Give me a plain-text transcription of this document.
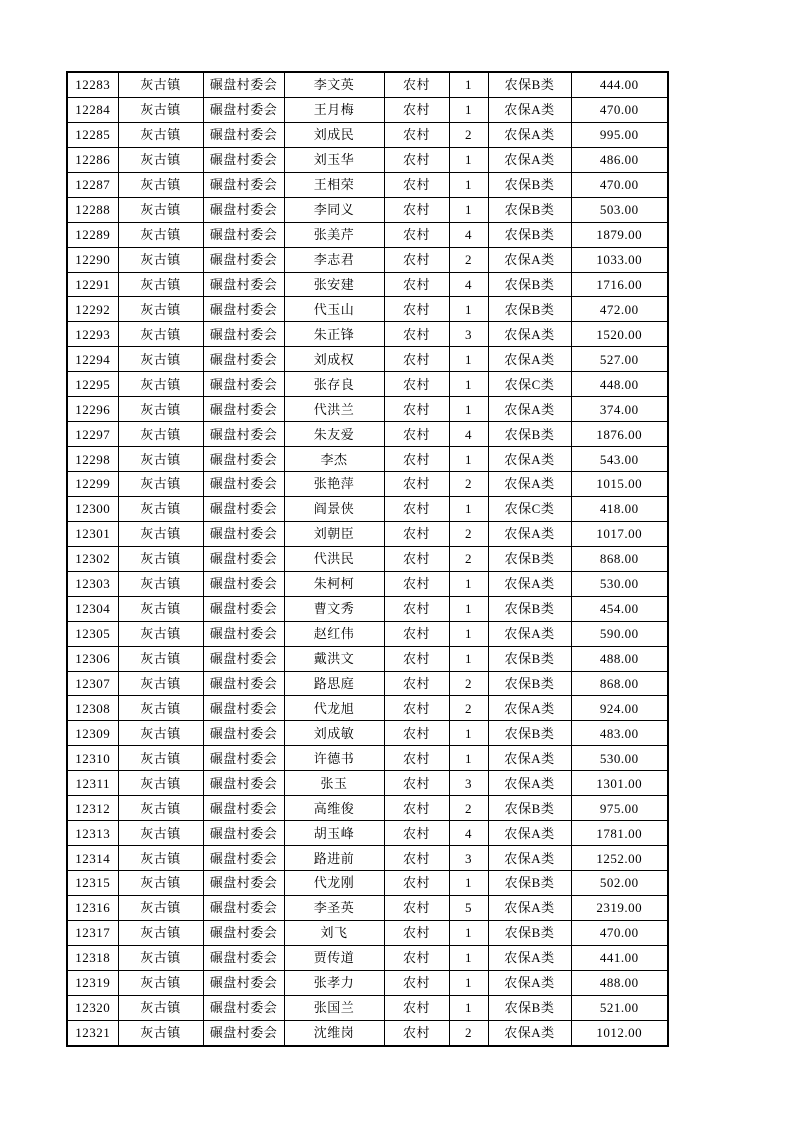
12283	灰古镇	碾盘村委会	李文英	农村	1	农保B类	444.00
12284	灰古镇	碾盘村委会	王月梅	农村	1	农保A类	470.00
12285	灰古镇	碾盘村委会	刘成民	农村	2	农保A类	995.00
12286	灰古镇	碾盘村委会	刘玉华	农村	1	农保A类	486.00
12287	灰古镇	碾盘村委会	王相荣	农村	1	农保B类	470.00
12288	灰古镇	碾盘村委会	李同义	农村	1	农保B类	503.00
12289	灰古镇	碾盘村委会	张美芹	农村	4	农保B类	1879.00
12290	灰古镇	碾盘村委会	李志君	农村	2	农保A类	1033.00
12291	灰古镇	碾盘村委会	张安建	农村	4	农保B类	1716.00
12292	灰古镇	碾盘村委会	代玉山	农村	1	农保B类	472.00
12293	灰古镇	碾盘村委会	朱正锋	农村	3	农保A类	1520.00
12294	灰古镇	碾盘村委会	刘成权	农村	1	农保A类	527.00
12295	灰古镇	碾盘村委会	张存良	农村	1	农保C类	448.00
12296	灰古镇	碾盘村委会	代洪兰	农村	1	农保A类	374.00
12297	灰古镇	碾盘村委会	朱友爱	农村	4	农保B类	1876.00
12298	灰古镇	碾盘村委会	李杰	农村	1	农保A类	543.00
12299	灰古镇	碾盘村委会	张艳萍	农村	2	农保A类	1015.00
12300	灰古镇	碾盘村委会	阎景侠	农村	1	农保C类	418.00
12301	灰古镇	碾盘村委会	刘朝臣	农村	2	农保A类	1017.00
12302	灰古镇	碾盘村委会	代洪民	农村	2	农保B类	868.00
12303	灰古镇	碾盘村委会	朱柯柯	农村	1	农保A类	530.00
12304	灰古镇	碾盘村委会	曹文秀	农村	1	农保B类	454.00
12305	灰古镇	碾盘村委会	赵红伟	农村	1	农保A类	590.00
12306	灰古镇	碾盘村委会	戴洪文	农村	1	农保B类	488.00
12307	灰古镇	碾盘村委会	路思庭	农村	2	农保B类	868.00
12308	灰古镇	碾盘村委会	代龙旭	农村	2	农保A类	924.00
12309	灰古镇	碾盘村委会	刘成敏	农村	1	农保B类	483.00
12310	灰古镇	碾盘村委会	许德书	农村	1	农保A类	530.00
12311	灰古镇	碾盘村委会	张玉	农村	3	农保A类	1301.00
12312	灰古镇	碾盘村委会	高维俊	农村	2	农保B类	975.00
12313	灰古镇	碾盘村委会	胡玉峰	农村	4	农保A类	1781.00
12314	灰古镇	碾盘村委会	路进前	农村	3	农保A类	1252.00
12315	灰古镇	碾盘村委会	代龙刚	农村	1	农保B类	502.00
12316	灰古镇	碾盘村委会	李圣英	农村	5	农保A类	2319.00
12317	灰古镇	碾盘村委会	刘飞	农村	1	农保B类	470.00
12318	灰古镇	碾盘村委会	贾传道	农村	1	农保A类	441.00
12319	灰古镇	碾盘村委会	张孝力	农村	1	农保A类	488.00
12320	灰古镇	碾盘村委会	张国兰	农村	1	农保B类	521.00
12321	灰古镇	碾盘村委会	沈维岗	农村	2	农保A类	1012.00
